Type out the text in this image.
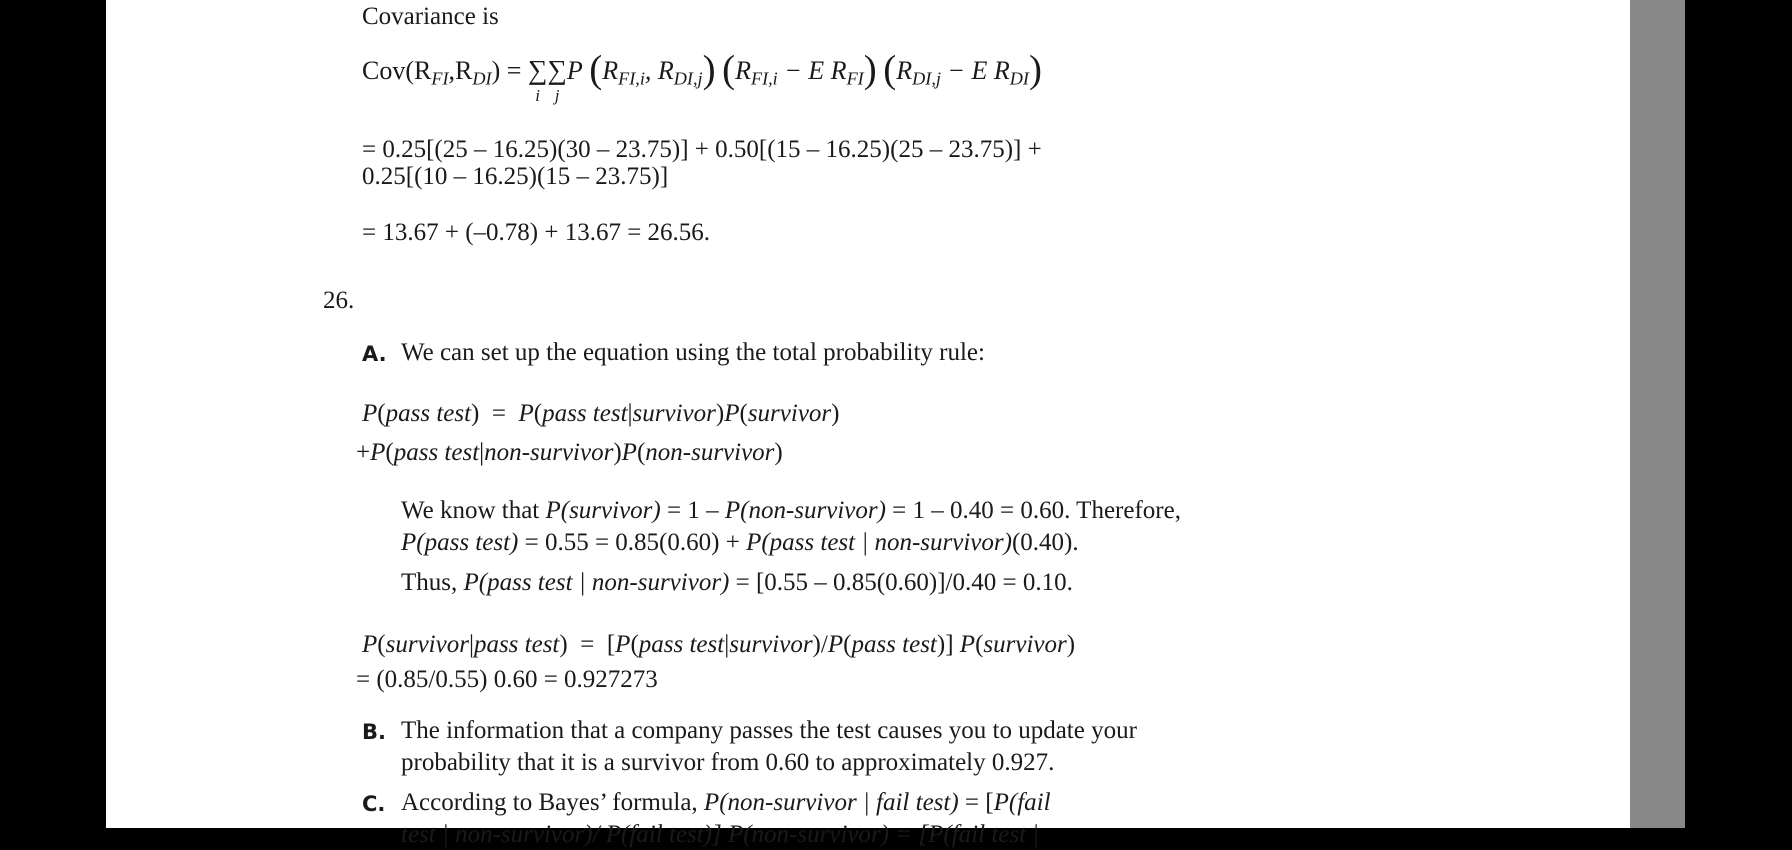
Covariance is
$Cov(R_{FI},R_{DI})$ = ∑
i
∑
j
P ($R_{FI,i}$, $R_{DI,j}$) ($R_{FI,i} - E$ $R_{FI}$) ($R_{DI,j} - E$ $R_{DI}$)
= 0.25[(25 – 16.25)(30 – 23.75)] + 0.50[(15 – 16.25)(25 – 23.75)] +
0.25[(10 – 16.25)(15 – 23.75)]
= 13.67 + (–0.78) + 13.67 = 26.56.
26.
A. We can set up the equation using the total probability rule:
P(pass test)  = P(pass test|survivor)P(survivor)
+P(pass test|non-survivor)P(non-survivor)
We know that P(survivor) = 1 – P(non-survivor) = 1 – 0.40 = 0.60. Therefore,
P(pass test) = 0.55 = 0.85(0.60) + P(pass test | non-survivor)(0.40).
Thus, P(pass test | non-survivor) = [0.55 – 0.85(0.60)]/0.40 = 0.10.
P(survivor|pass test)  = [P(pass test|survivor)/P(pass test)] P(survivor)
= (0.85/0.55) 0.60 = 0.927273
B. The information that a company passes the test causes you to update your
probability that it is a survivor from 0.60 to approximately 0.927.
C. According to Bayes’ formula, P(non-survivor | fail test) = [P(fail
test | non-survivor)/ P(fail test)] P(non-survivor) = [P(fail test |
